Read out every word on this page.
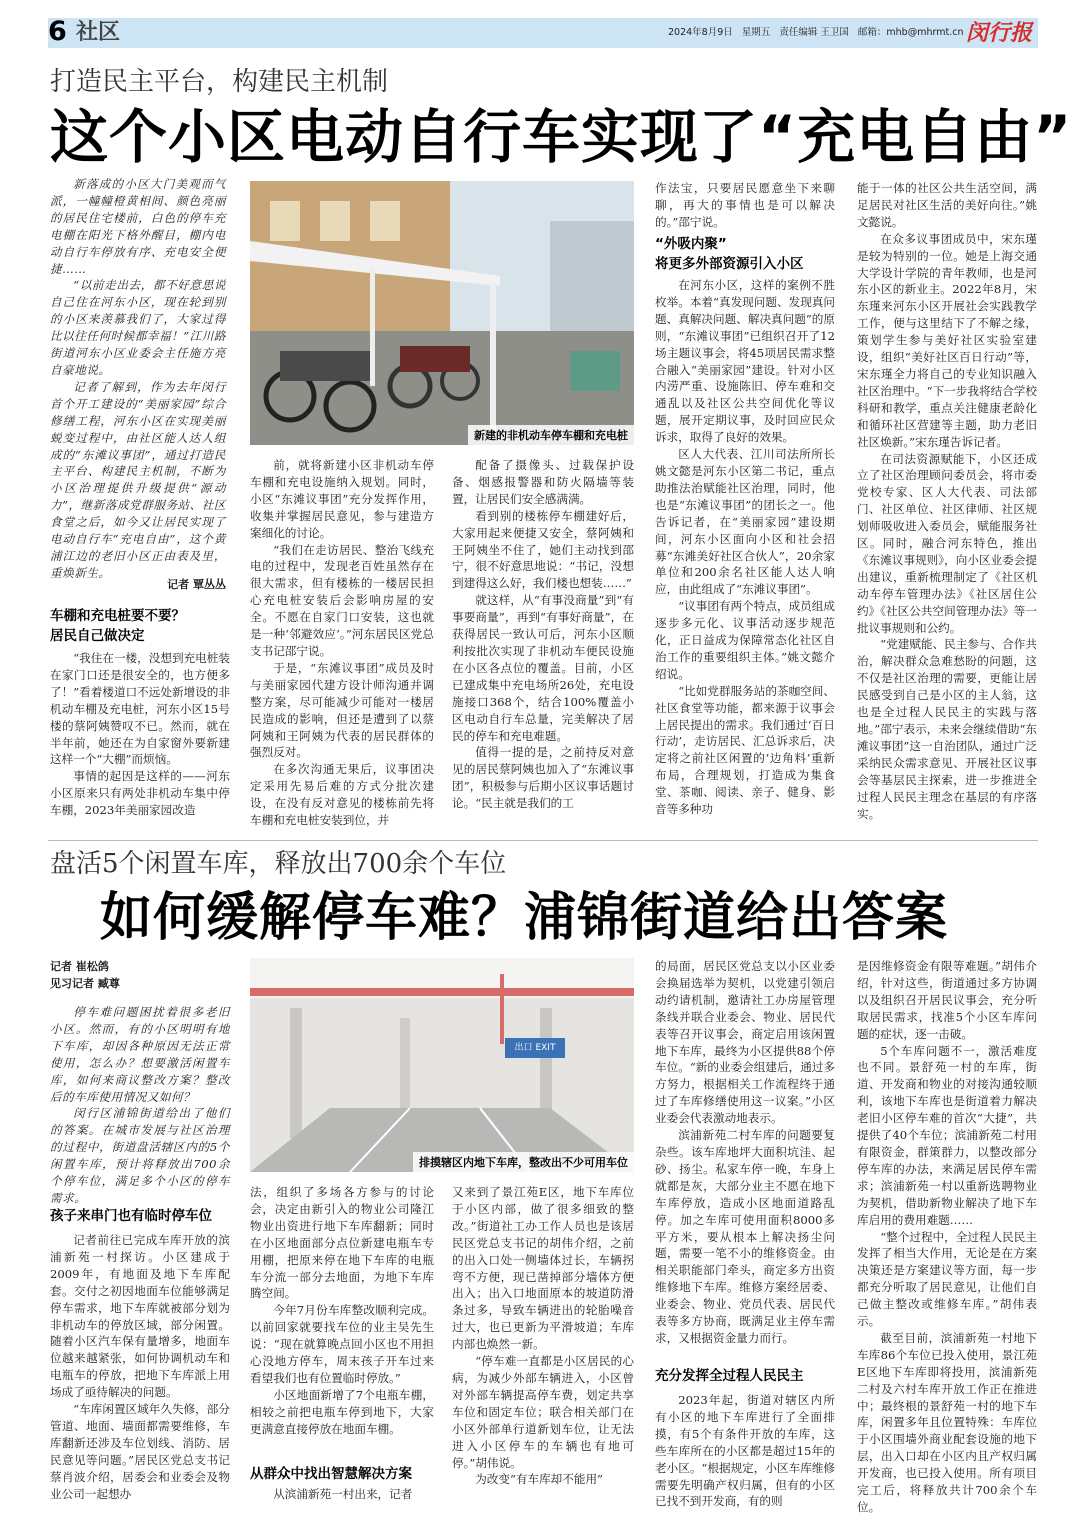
6 社区	2024年8月9日 星期五 责任编辑 王卫国 邮箱：mhb@mhrmt.cn 闵行报
打造民主平台，构建民主机制
这个小区电动自行车实现了“充电自由”

新落成的小区大门美观而气派，一幢幢橙黄相间、颜色亮丽的居民住宅楼前，白色的停车充电棚在阳光下格外醒目，棚内电动自行车停放有序、充电安全便捷……

“以前走出去，都不好意思说自己住在河东小区，现在轮到别的小区来羡慕我们了，大家过得比以往任何时候都幸福！”江川路街道河东小区业委会主任施方亮自豪地说。

记者了解到，作为去年闵行首个开工建设的“美丽家园”综合修缮工程，河东小区在实现美丽蜕变过程中，由社区能人达人组成的“东滩议事团”，通过打造民主平台、构建民主机制，不断为小区治理提供升级提供“源动力”，继新落成党群服务站、社区食堂之后，如今又让居民实现了电动自行车“充电自由”，这个黄浦江边的老旧小区正由表及里，重焕新生。

记者 覃丛丛
车棚和充电桩要不要？
居民自己做决定

“我住在一楼，没想到充电桩装在家门口还是很安全的，也方便多了！”看着楼道口不远处新增设的非机动车棚及充电桩，河东小区15号楼的蔡阿姨赞叹不已。然而，就在半年前，她还在为自家窗外要新建这样一个“大棚”而烦恼。

事情的起因是这样的——河东小区原来只有两处非机动车集中停车棚，2023年美丽家园改造

新建的非机动车停车棚和充电桩

前，就将新建小区非机动车停车棚和充电设施纳入规划。同时，小区“东滩议事团”充分发挥作用，收集并掌握居民意见，参与建造方案细化的讨论。

“我们在走访居民、整治飞线充电的过程中，发现老百姓虽然存在很大需求，但有楼栋的一楼居民担心充电桩安装后会影响房屋的安全。不愿在自家门口安装，这也就是一种‘邻避效应’。”河东居民区党总支书记邵宁说。

于是，“东滩议事团”成员及时与美丽家园代建方设计师沟通并调整方案，尽可能减少可能对一楼居民造成的影响，但还是遭到了以蔡阿姨和王阿姨为代表的居民群体的强烈反对。

在多次沟通无果后，议事团决定采用先易后难的方式分批次建设，在没有反对意见的楼栋前先将车棚和充电桩安装到位，并

配备了摄像头、过载保护设备、烟感报警器和防火隔墙等装置，让居民们安全感满满。

看到别的楼栋停车棚建好后，大家用起来便捷又安全，蔡阿姨和王阿姨坐不住了，她们主动找到邵宁，很不好意思地说：“书记，没想到建得这么好，我们楼也想装……”

就这样，从“有事没商量”到“有事要商量”，再到“有事好商量”，在获得居民一致认可后，河东小区顺利按批次实现了非机动车便民设施在小区各点位的覆盖。目前，小区已建成集中充电场所26处，充电设施接口368个，结合100%覆盖小区电动自行车总量，完美解决了居民的停车和充电难题。

值得一提的是，之前持反对意见的居民蔡阿姨也加入了“东滩议事团”，积极参与后期小区议事话题讨论。“民主就是我们的工

作法宝，只要居民愿意坐下来聊聊，再大的事情也是可以解决的。”邵宁说。

“外吸内聚”
将更多外部资源引入小区

在河东小区，这样的案例不胜枚举。本着“真发现问题、发现真问题、真解决问题、解决真问题”的原则，“东滩议事团”已组织召开了12场主题议事会，将45项居民需求整合融入“美丽家园”建设。针对小区内涝严重、设施陈旧、停车难和交通乱以及社区公共空间优化等议题，展开定期议事，及时回应民众诉求，取得了良好的效果。

区人大代表、江川司法所所长姚文懿是河东小区第二书记，重点助推法治赋能社区治理，同时，他也是“东滩议事团”的团长之一。他告诉记者，在“美丽家园”建设期间，河东小区面向小区和社会招募“东滩美好社区合伙人”，20余家单位和200余名社区能人达人响应，由此组成了“东滩议事团”。

“议事团有两个特点，成员组成逐步多元化、议事活动逐步规范化，正日益成为保障常态化社区自治工作的重要组织主体。”姚文懿介绍说。

“比如党群服务站的茶咖空间、社区食堂等功能，都来源于议事会上居民提出的需求。我们通过‘百日行动’，走访居民、汇总诉求后，决定将之前社区闲置的‘边角料’重新布局，合理规划，打造成为集食堂、茶咖、阅读、亲子、健身、影音等多种功

能于一体的社区公共生活空间，满足居民对社区生活的美好向往。”姚文懿说。

在众多议事团成员中，宋东瑾是较为特别的一位。她是上海交通大学设计学院的青年教师，也是河东小区的新业主。2022年8月，宋东瑾来河东小区开展社会实践教学工作，便与这里结下了不解之缘，策划学生参与美好社区实验室建设，组织“美好社区百日行动”等，宋东瑾全力将自己的专业知识融入社区治理中。“下一步我将结合学校科研和教学，重点关注健康老龄化和循环社区营建等主题，助力老旧社区焕新。”宋东瑾告诉记者。

在司法资源赋能下，小区还成立了社区治理顾问委员会，将市委党校专家、区人大代表、司法部门、社区单位、社区律师、社区规划师吸收进入委员会，赋能服务社区。同时，融合河东特色，推出《东滩议事规则》，向小区业委会提出建议，重新梳理制定了《社区机动车停车管理办法》《社区居住公约》《社区公共空间管理办法》等一批议事规则和公约。

“党建赋能、民主参与、合作共治，解决群众急难愁盼的问题，这不仅是社区治理的需要，更能让居民感受到自己是小区的主人翁，这也是全过程人民民主的实践与落地。”邵宁表示，未来会继续借助“东滩议事团”这一自治团队，通过广泛采纳民众需求意见、开展社区议事会等基层民主探索，进一步推进全过程人民民主理念在基层的有序落实。

盘活5个闲置车库，释放出700余个车位
如何缓解停车难？浦锦街道给出答案
记者 崔松鸽
见习记者 臧尊

停车难问题困扰着很多老旧小区。然而，有的小区明明有地下车库，却因各种原因无法正常使用，怎么办？想要激活闲置车库，如何来商议整改方案？整改后的车库使用情况又如何？

闵行区浦锦街道给出了他们的答案。在城市发展与社区治理的过程中，街道盘活辖区内的5个闲置车库，预计将释放出700余个停车位，满足多个小区的停车需求。

孩子来串门也有临时停车位

记者前往已完成车库开放的滨浦新苑一村探访。小区建成于2009年，有地面及地下车库配套。交付之初因地面车位能够满足停车需求，地下车库就被部分划为非机动车的停放区域，部分闲置。随着小区汽车保有量增多，地面车位越来越紧张，如何协调机动车和电瓶车的停放，把地下车库派上用场成了亟待解决的问题。

“车库闲置区域年久失修，部分管道、地面、墙面都需要维修，车库翻新还涉及车位划线、消防、居民意见等问题。”居民区党总支书记蔡肖波介绍，居委会和业委会及物业公司一起想办

出口 EXIT
排摸辖区内地下车库，整改出不少可用车位

法，组织了多场各方参与的讨论会，决定由新引入的物业公司隆江物业出资进行地下车库翻新；同时在小区地面部分点位新建电瓶车专用棚，把原来停在地下车库的电瓶车分流一部分去地面，为地下车库腾空间。

今年7月份车库整改顺利完成。以前回家就要找车位的业主吴先生说：“现在就算晚点回小区也不用担心没地方停车，周末孩子开车过来看望我们也有位置临时停放。”

小区地面新增了7个电瓶车棚，相较之前把电瓶车停到地下，大家更满意直接停放在地面车棚。

从群众中找出智慧解决方案

从滨浦新苑一村出来，记者

又来到了景江苑E区，地下车库位于小区内部，做了很多细致的整改。”街道社工办工作人员也是该居民区党总支书记的胡伟介绍，之前的出入口处一侧墙体过长，车辆拐弯不方便，现已凿掉部分墙体方便出入；出入口地面原本的坡道防滑条过多，导致车辆进出的轮胎噪音过大，也已更新为平滑坡道；车库内部也焕然一新。

“停车难一直都是小区居民的心病，为减少外部车辆进入，小区曾对外部车辆提高停车费，划定共享车位和固定车位；联合相关部门在小区外部单行道新划车位，让无法进入小区停车的车辆也有地可停。”胡伟说。

为改变“有车库却不能用”

的局面，居民区党总支以小区业委会换届选举为契机，以党建引领启动约请机制，邀请社工办房屋管理条线并联合业委会、物业、居民代表等召开议事会，商定启用该闲置地下车库，最终为小区提供88个停车位。“新的业委会组建后，通过多方努力，根据相关工作流程终于通过了车库修缮使用这一议案。”小区业委会代表激动地表示。

滨浦新苑二村车库的问题要复杂些。该车库地坪大面积坑洼、起砂、扬尘。私家车停一晚，车身上就都是灰，大部分业主不愿在地下车库停放，造成小区地面道路乱停。加之车库可使用面积8000多平方米，要从根本上解决扬尘问题，需要一笔不小的维修资金。由相关职能部门牵头，商定多方出资维修地下车库。维修方案经居委、业委会、物业、党员代表、居民代表等多方协商，既满足业主停车需求，又根据资金量力而行。

充分发挥全过程人民民主

2023年起，街道对辖区内所有小区的地下车库进行了全面排摸，有5个有条件开放的车库，这些车库所在的小区都是超过15年的老小区。“根据规定，小区车库维修需要先明确产权归属，但有的小区已找不到开发商，有的则

是因维修资金有限等难题。”胡伟介绍，针对这些，街道通过多方协调以及组织召开居民议事会，充分听取居民需求，找准5个小区车库问题的症状，逐一击破。

5个车库问题不一，激活难度也不同。景舒苑一村的车库，街道、开发商和物业的对接沟通较顺利，该地下车库也是街道着力解决老旧小区停车难的首次“大捷”，共提供了40个车位；滨浦新苑二村用有限资金，群策群力，以整改部分停车库的办法，来满足居民停车需求；滨浦新苑一村以重新选聘物业为契机，借助新物业解决了地下车库启用的费用难题……

“整个过程中，全过程人民民主发挥了相当大作用，无论是在方案决策还是方案建议等方面，每一步都充分听取了居民意见，让他们自己做主整改或维修车库。”胡伟表示。

截至目前，滨浦新苑一村地下车库86个车位已投入使用，景江苑E区地下车库即将投用，滨浦新苑二村及六村车库开放工作正在推进中；最终根的景舒苑一村的地下车库，闲置多年且位置特殊：车库位于小区围墙外商业配套设施的地下层，出入口却在小区内且产权归属开发商，也已投入使用。所有项目完工后，将释放共计700余个车位。
